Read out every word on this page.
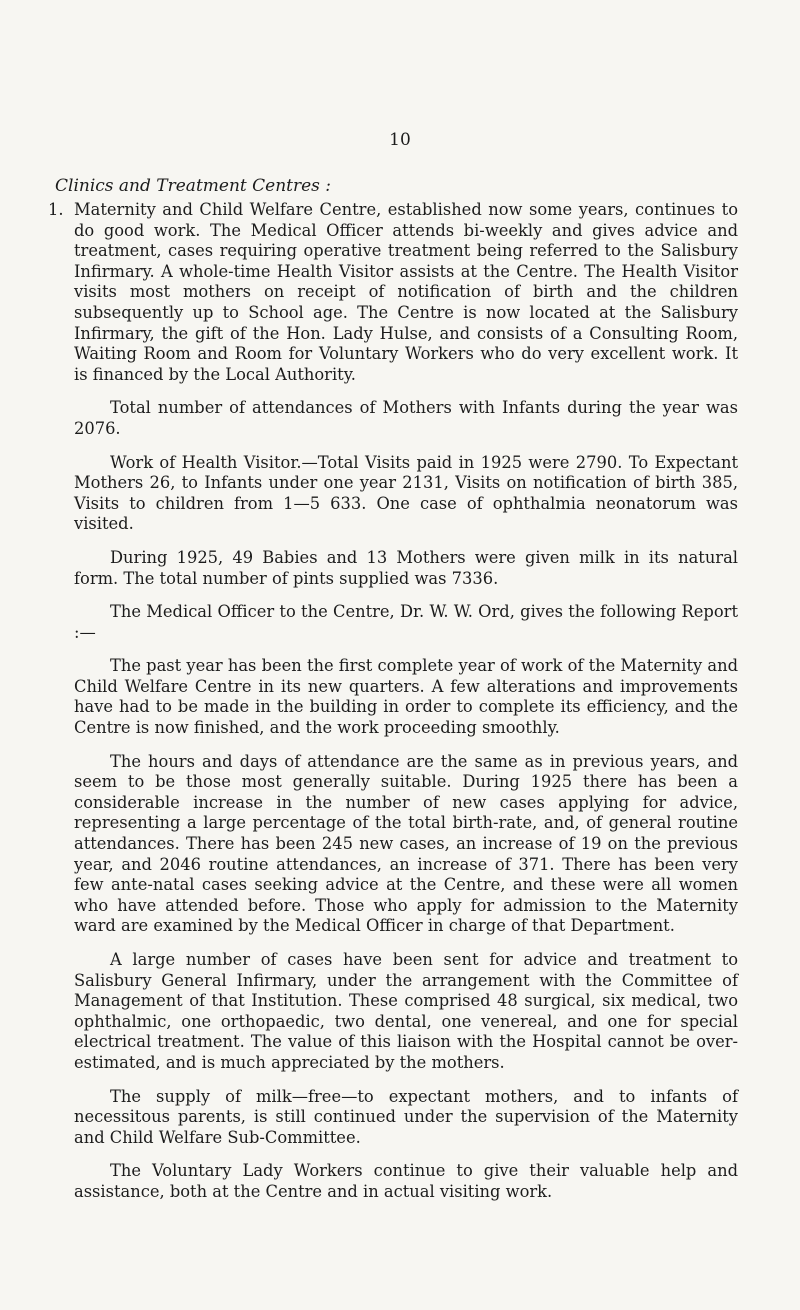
10
Clinics and Treatment Centres :
1. Maternity and Child Welfare Centre, established now some years, continues to do good work. The Medical Officer attends bi-weekly and gives advice and treatment, cases requiring operative treatment being referred to the Salisbury Infirmary. A whole-time Health Visitor assists at the Centre. The Health Visitor visits most mothers on receipt of notification of birth and the children subsequently up to School age. The Centre is now located at the Salisbury Infirmary, the gift of the Hon. Lady Hulse, and consists of a Consulting Room, Waiting Room and Room for Voluntary Workers who do very excellent work. It is financed by the Local Authority.

Total number of attendances of Mothers with Infants during the year was 2076.

Work of Health Visitor.—Total Visits paid in 1925 were 2790. To Expectant Mothers 26, to Infants under one year 2131, Visits on notification of birth 385, Visits to children from 1—5 633. One case of ophthalmia neonatorum was visited.

During 1925, 49 Babies and 13 Mothers were given milk in its natural form. The total number of pints supplied was 7336.

The Medical Officer to the Centre, Dr. W. W. Ord, gives the following Report :—

The past year has been the first complete year of work of the Maternity and Child Welfare Centre in its new quarters. A few alterations and improvements have had to be made in the building in order to complete its efficiency, and the Centre is now finished, and the work proceeding smoothly.

The hours and days of attendance are the same as in previous years, and seem to be those most generally suitable. During 1925 there has been a considerable increase in the number of new cases applying for advice, representing a large percentage of the total birth-rate, and, of general routine attendances. There has been 245 new cases, an increase of 19 on the previous year, and 2046 routine attendances, an increase of 371. There has been very few ante-natal cases seeking advice at the Centre, and these were all women who have attended before. Those who apply for admission to the Maternity ward are examined by the Medical Officer in charge of that Department.

A large number of cases have been sent for advice and treatment to Salisbury General Infirmary, under the arrangement with the Committee of Management of that Institution. These comprised 48 surgical, six medical, two ophthalmic, one orthopaedic, two dental, one venereal, and one for special electrical treatment. The value of this liaison with the Hospital cannot be over-estimated, and is much appreciated by the mothers.

The supply of milk—free—to expectant mothers, and to infants of necessitous parents, is still continued under the supervision of the Maternity and Child Welfare Sub-Committee.

The Voluntary Lady Workers continue to give their valuable help and assistance, both at the Centre and in actual visiting work.
